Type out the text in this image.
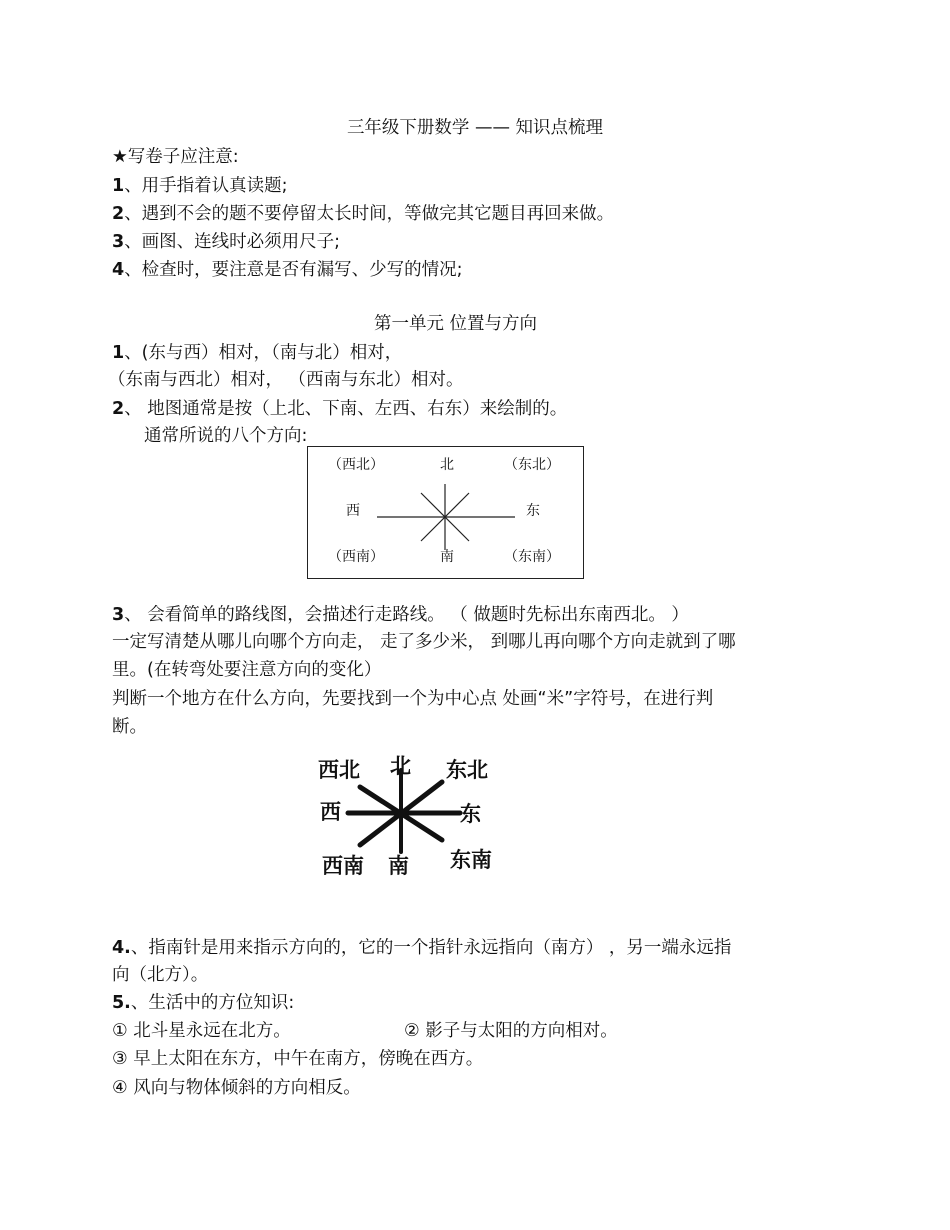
三年级下册数学 —— 知识点梳理
★写卷子应注意:
1、用手指着认真读题;
2、遇到不会的题不要停留太长时间，等做完其它题目再回来做。
3、画图、连线时必须用尺子;
4、检查时，要注意是否有漏写、少写的情况;
第一单元 位置与方向
1、(东与西）相对，（南与北）相对，
（东南与西北）相对， （西南与东北）相对。
2、 地图通常是按（上北、下南、左西、右东）来绘制的。
通常所说的八个方向:
（西北）	北	（东北）
西	东
（西南）	南	（东南）
3、 会看简单的路线图，会描述行走路线。 （ 做题时先标出东南西北。 ）
一定写清楚从哪儿向哪个方向走， 走了多少米， 到哪儿再向哪个方向走就到了哪
里。(在转弯处要注意方向的变化）
判断一个地方在什么方向，先要找到一个为中心点 处画“米”字符号，在进行判
断。
西北 北 东北
西	东
西南 南 东南
4.、指南针是用来指示方向的，它的一个指针永远指向（南方） ，另一端永远指
向（北方）。
5.、生活中的方位知识:
① 北斗星永远在北方。	② 影子与太阳的方向相对。
③ 早上太阳在东方，中午在南方，傍晚在西方。
④ 风向与物体倾斜的方向相反。
